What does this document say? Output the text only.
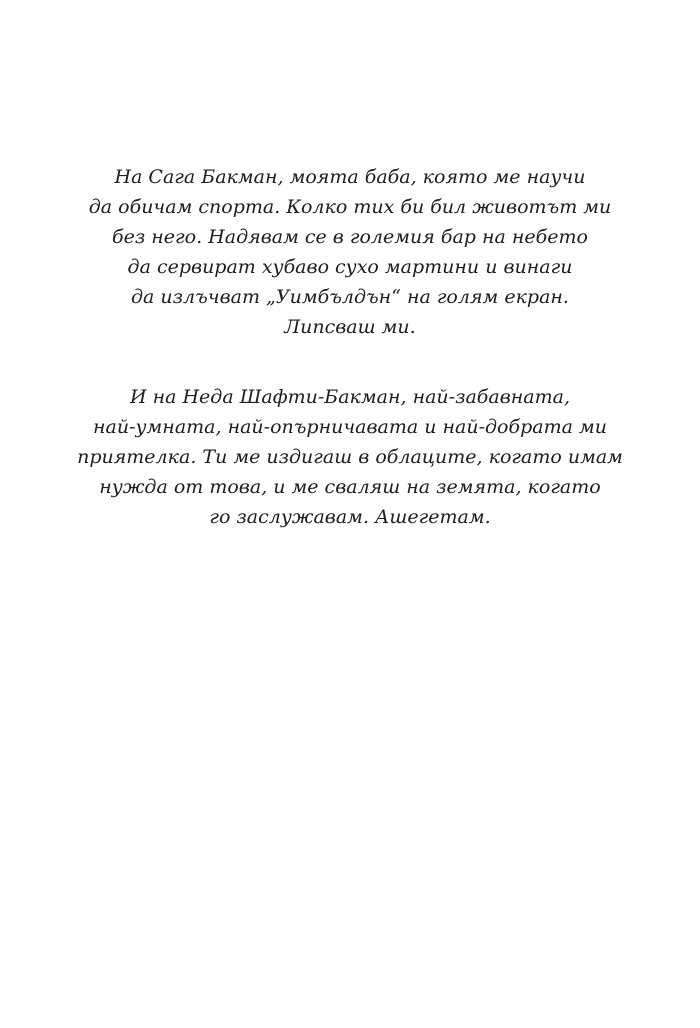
На Сага Бакман, моята баба, която ме научи
да обичам спорта. Колко тих би бил животът ми
без него. Надявам се в големия бар на небето
да сервират хубаво сухо мартини и винаги
да излъчват „Уимбълдън“ на голям екран.
Липсваш ми.
И на Неда Шафти-Бакман, най-забавната,
най-умната, най-опърничавата и най-добрата ми
приятелка. Ти ме издигаш в облаците, когато имам
нужда от това, и ме сваляш на земята, когато
го заслужавам. Ашегетам.
